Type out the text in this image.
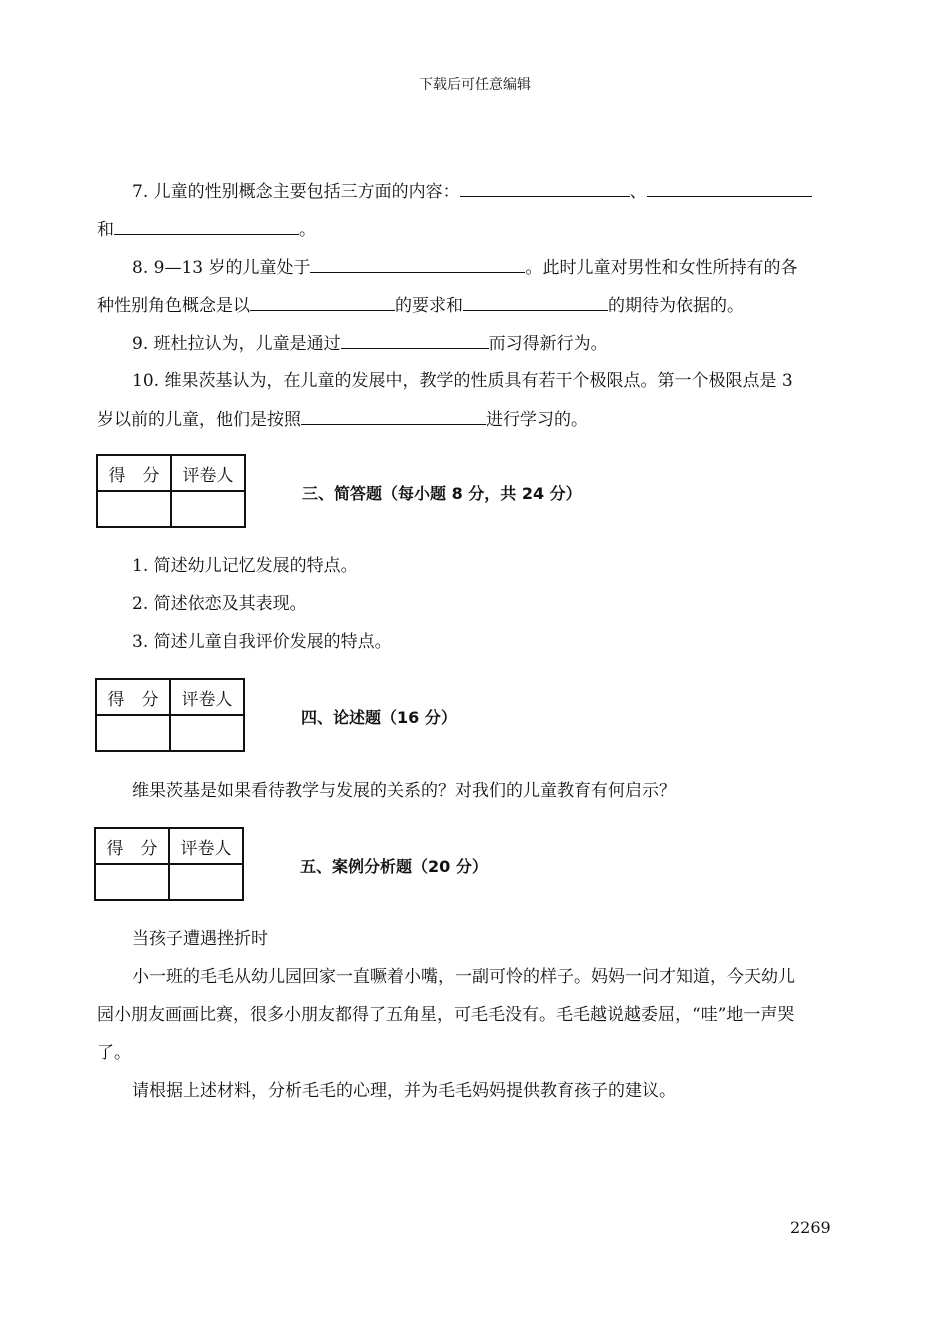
下载后可任意编辑
7. 儿童的性别概念主要包括三方面的内容：	、
和	。
8. 9—13 岁的儿童处于	。此时儿童对男性和女性所持有的各
种性别角色概念是以	的要求和	的期待为依据的。
9. 班杜拉认为，儿童是通过	而习得新行为。
10. 维果茨基认为，在儿童的发展中，教学的性质具有若干个极限点。第一个极限点是 3
岁以前的儿童，他们是按照	进行学习的。
得　分	评卷人

三、简答题（每小题 8 分，共 24 分）
1. 简述幼儿记忆发展的特点。
2. 简述依恋及其表现。
3. 简述儿童自我评价发展的特点。
得　分	评卷人

四、论述题（16 分）
维果茨基是如果看待教学与发展的关系的？对我们的儿童教育有何启示？
得　分	评卷人

五、案例分析题（20 分）
当孩子遭遇挫折时
小一班的毛毛从幼儿园回家一直噘着小嘴，一副可怜的样子。妈妈一问才知道，今天幼儿
园小朋友画画比赛，很多小朋友都得了五角星，可毛毛没有。毛毛越说越委屈，“哇”地一声哭
了。
请根据上述材料，分析毛毛的心理，并为毛毛妈妈提供教育孩子的建议。
2269
